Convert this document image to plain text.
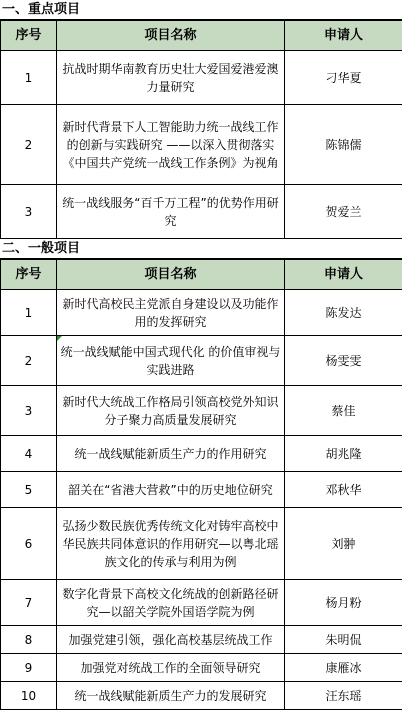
一、重点项目
序号	项目名称	申请人
1	抗战时期华南教育历史壮大爱国爱港爱澳力量研究	刁华夏
2	新时代背景下人工智能助力统一战线工作的创新与实践研究 ——以深入贯彻落实《中国共产党统一战线工作条例》为视角	陈锦儒
3	统一战线服务“百千万工程”的优势作用研究	贺爱兰
二、一般项目
序号	项目名称	申请人
1	新时代高校民主党派自身建设以及功能作用的发挥研究	陈发达
2	统一战线赋能中国式现代化 的价值审视与实践进路	杨雯雯
3	新时代大统战工作格局引领高校党外知识分子聚力高质量发展研究	蔡佳
4	统一战线赋能新质生产力的作用研究	胡兆隆
5	韶关在“省港大营救”中的历史地位研究	邓秋华
6	弘扬少数民族优秀传统文化对铸牢高校中华民族共同体意识的作用研究—以粤北瑶族文化的传承与利用为例	刘翀
7	数字化背景下高校文化统战的创新路径研究—以韶关学院外国语学院为例	杨月粉
8	加强党建引领，强化高校基层统战工作	朱明侃
9	加强党对统战工作的全面领导研究	康雁冰
10	统一战线赋能新质生产力的发展研究	汪东瑶
